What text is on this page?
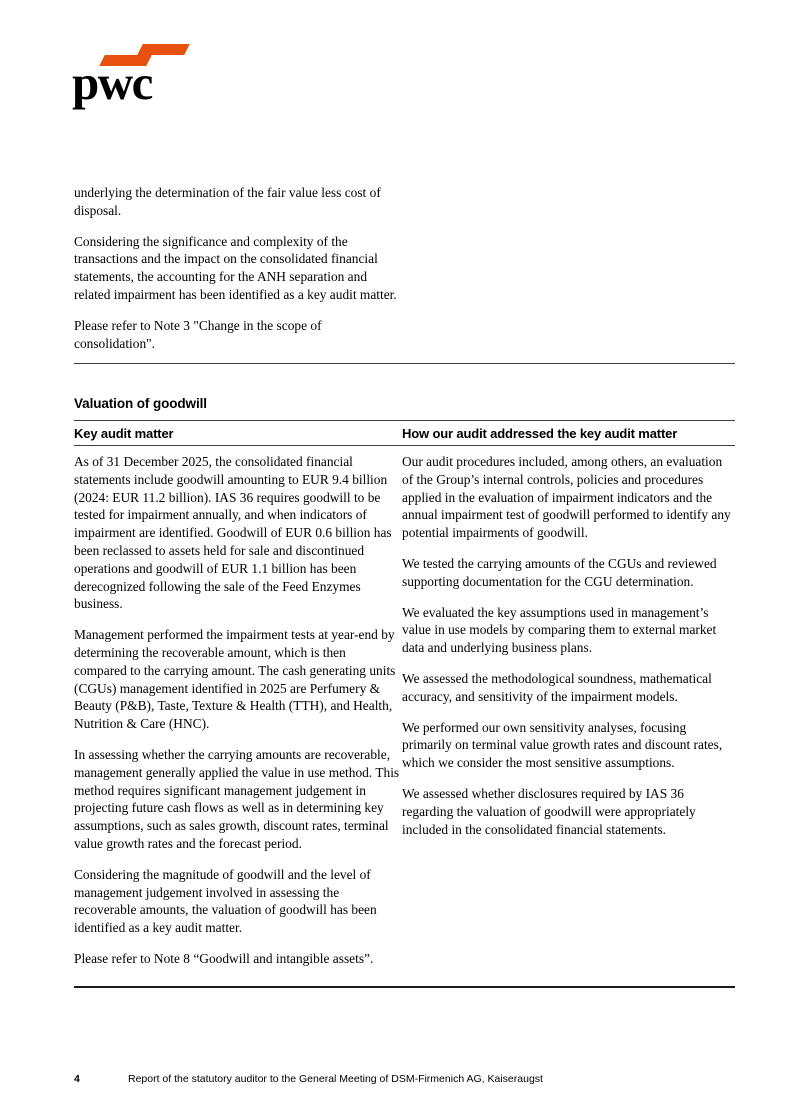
pwc

underlying the determination of the fair value less cost of disposal.

Considering the significance and complexity of the transactions and the impact on the consolidated financial statements, the accounting for the ANH separation and related impairment has been identified as a key audit matter.

Please refer to Note 3 "Change in the scope of consolidation".

Valuation of goodwill
Key audit matter	How our audit addressed the key audit matter

As of 31 December 2025, the consolidated financial statements include goodwill amounting to EUR 9.4 billion (2024: EUR 11.2 billion). IAS 36 requires goodwill to be tested for impairment annually, and when indicators of impairment are identified. Goodwill of EUR 0.6 billion has been reclassed to assets held for sale and discontinued operations and goodwill of EUR 1.1 billion has been derecognized following the sale of the Feed Enzymes business.

Management performed the impairment tests at year-end by determining the recoverable amount, which is then compared to the carrying amount. The cash generating units (CGUs) management identified in 2025 are Perfumery & Beauty (P&B), Taste, Texture & Health (TTH), and Health, Nutrition & Care (HNC).

In assessing whether the carrying amounts are recoverable, management generally applied the value in use method. This method requires significant management judgement in projecting future cash flows as well as in determining key assumptions, such as sales growth, discount rates, terminal value growth rates and the forecast period.

Considering the magnitude of goodwill and the level of management judgement involved in assessing the recoverable amounts, the valuation of goodwill has been identified as a key audit matter.

Please refer to Note 8 “Goodwill and intangible assets”.

Our audit procedures included, among others, an evaluation of the Group’s internal controls, policies and procedures applied in the evaluation of impairment indicators and the annual impairment test of goodwill performed to identify any potential impairments of goodwill.

We tested the carrying amounts of the CGUs and reviewed supporting documentation for the CGU determination.

We evaluated the key assumptions used in management’s value in use models by comparing them to external market data and underlying business plans.

We assessed the methodological soundness, mathematical accuracy, and sensitivity of the impairment models.

We performed our own sensitivity analyses, focusing primarily on terminal value growth rates and discount rates, which we consider the most sensitive assumptions.

We assessed whether disclosures required by IAS 36 regarding the valuation of goodwill were appropriately included in the consolidated financial statements.

4	Report of the statutory auditor to the General Meeting of DSM-Firmenich AG, Kaiseraugst
